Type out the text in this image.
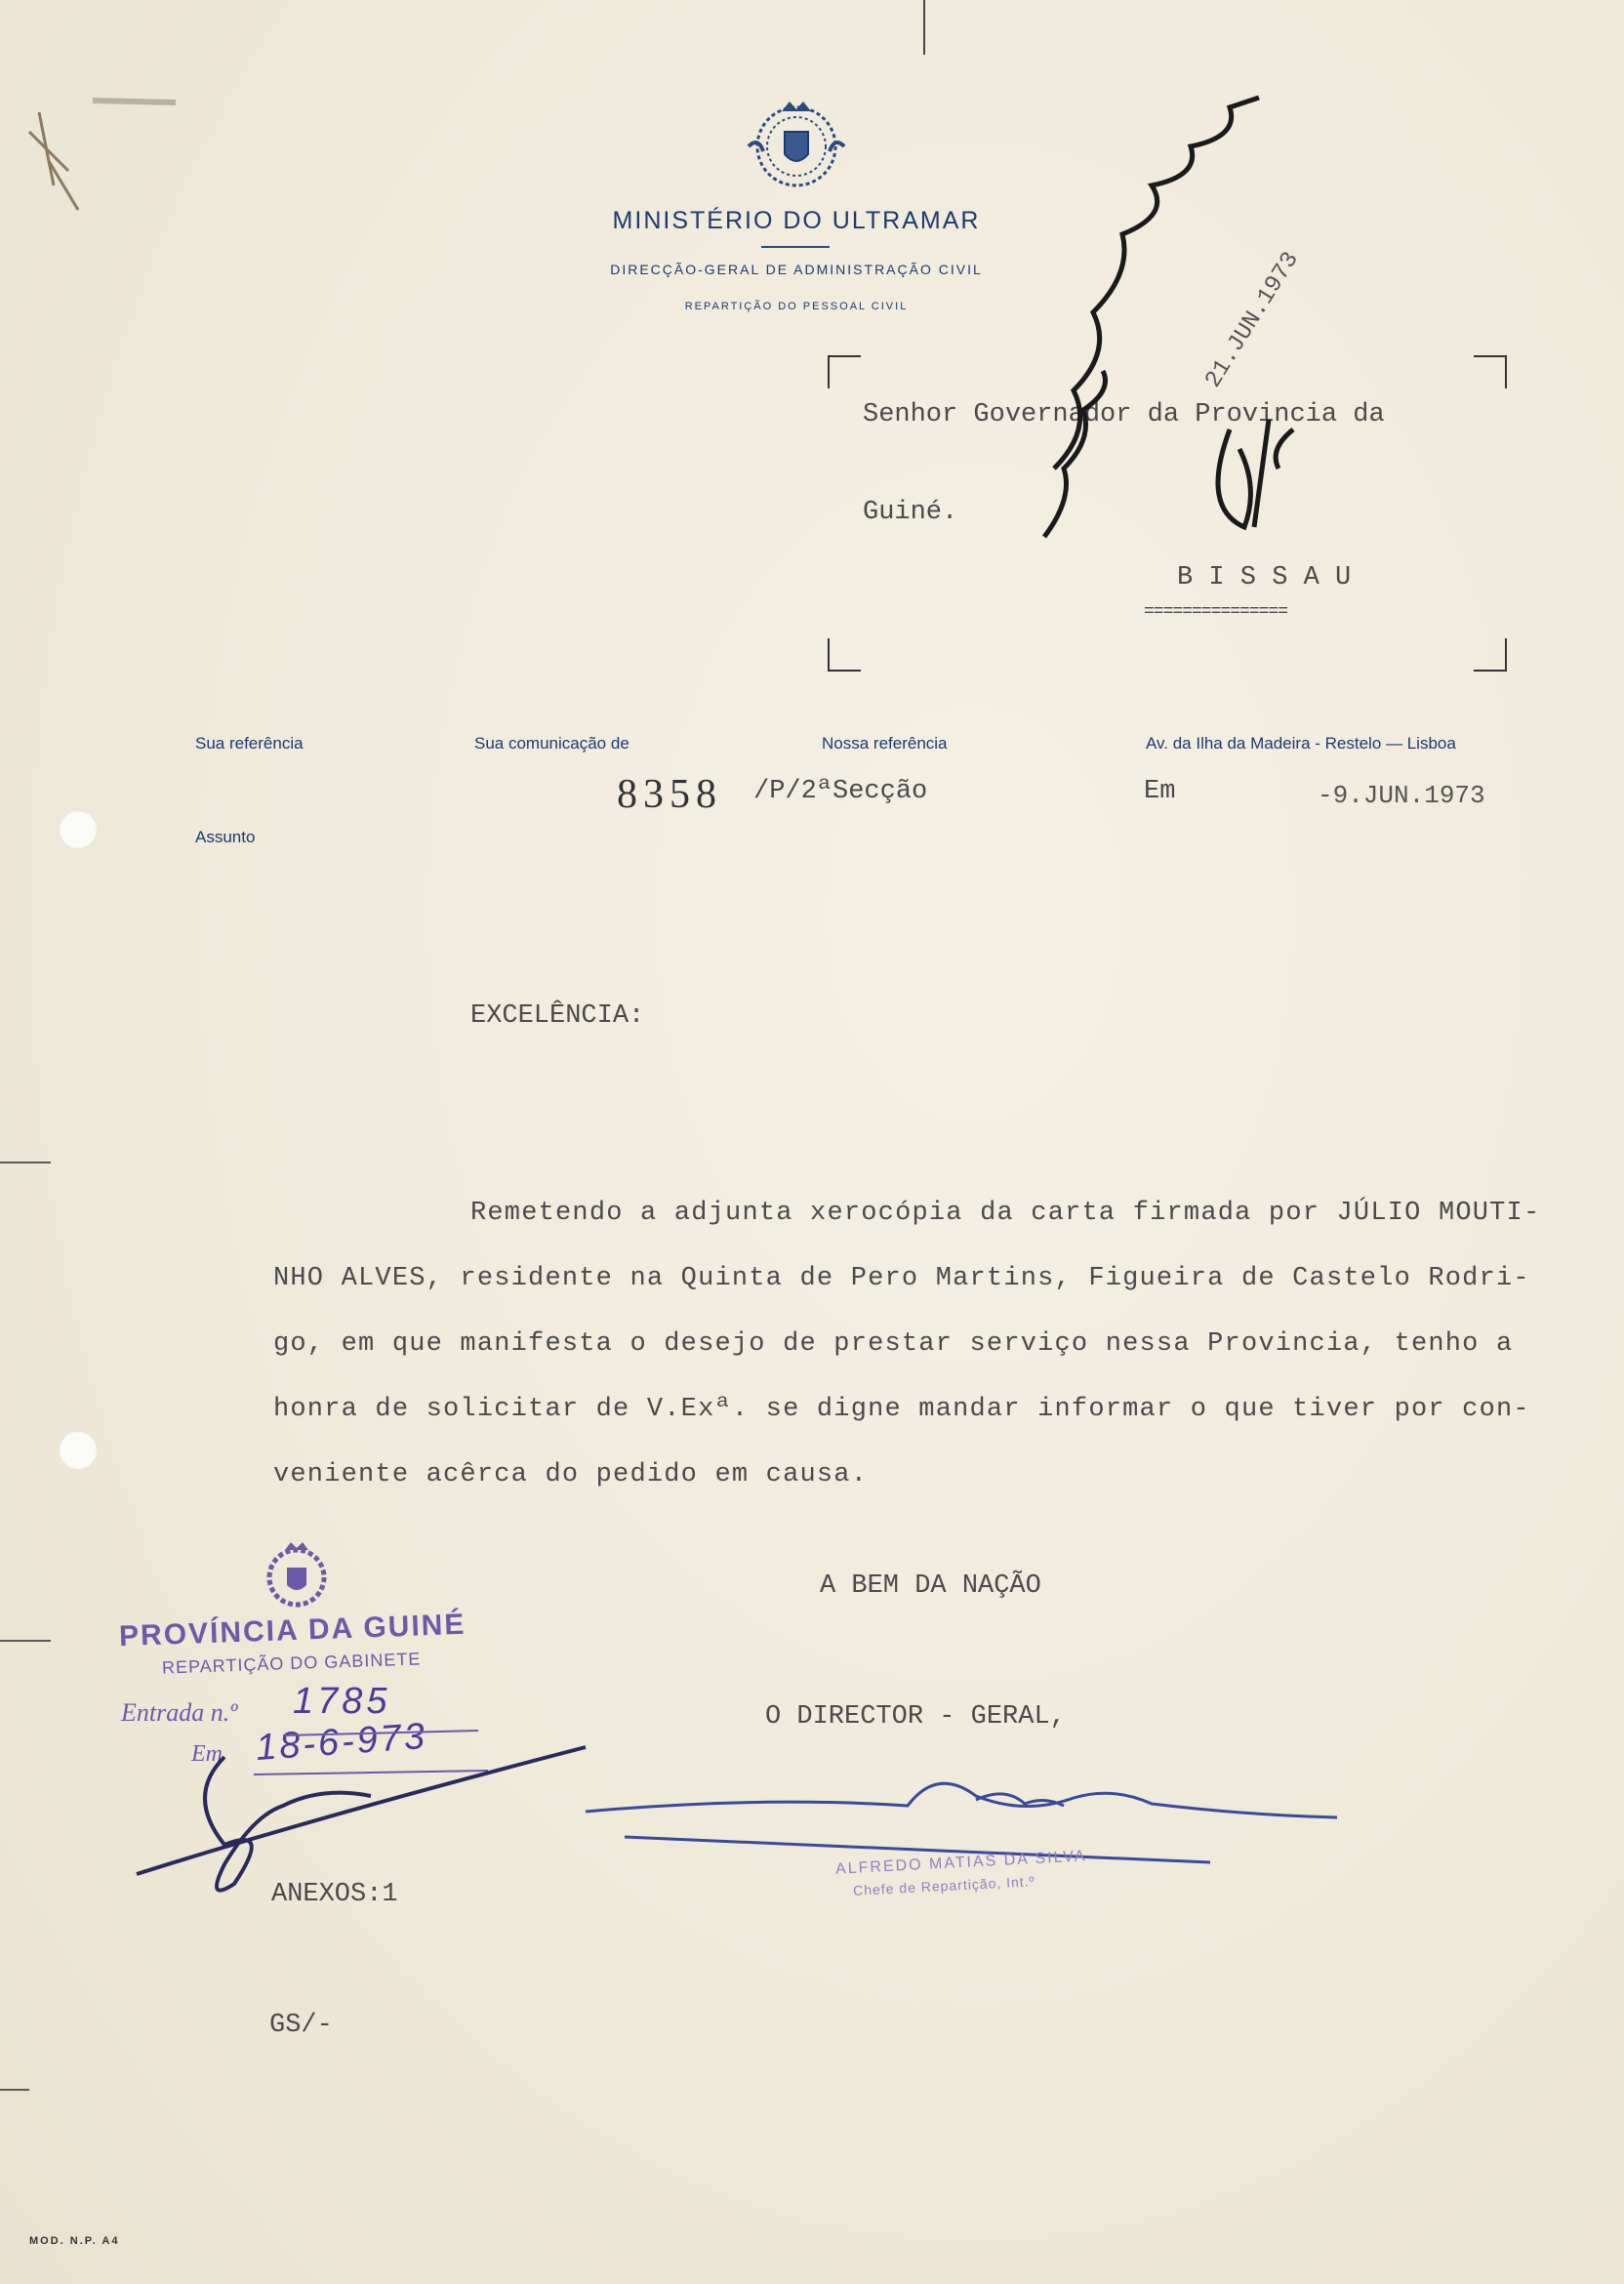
MINISTÉRIO DO ULTRAMAR
DIRECÇÃO-GERAL DE ADMINISTRAÇÃO CIVIL
REPARTIÇÃO DO PESSOAL CIVIL
Senhor Governador da Provincia da
Guiné.
B I S S A U
===============
21.JUN.1973
Sua referência	Sua comunicação de	Nossa referência	Av. da Ilha da Madeira - Restelo — Lisboa
Assunto
8358 /P/2ªSecção	Em	-9.JUN.1973
EXCELÊNCIA:
Remetendo a adjunta xerocópia da carta firmada por JÚLIO MOUTI-
NHO ALVES, residente na Quinta de Pero Martins, Figueira de Castelo Rodri-
go, em que manifesta o desejo de prestar serviço nessa Provincia, tenho a
honra de solicitar de V.Exª. se digne mandar informar o que tiver por con-
veniente acêrca do pedido em causa.
A BEM DA NAÇÃO
O DIRECTOR - GERAL,
ANEXOS:1
GS/-
PROVÍNCIA DA GUINÉ
REPARTIÇÃO DO GABINETE
Entrada n.º 1785
Em 18-6-973
ALFREDO MATIAS DA SILVA
Chefe de Repartição, Int.º
MOD. N.P. A4
